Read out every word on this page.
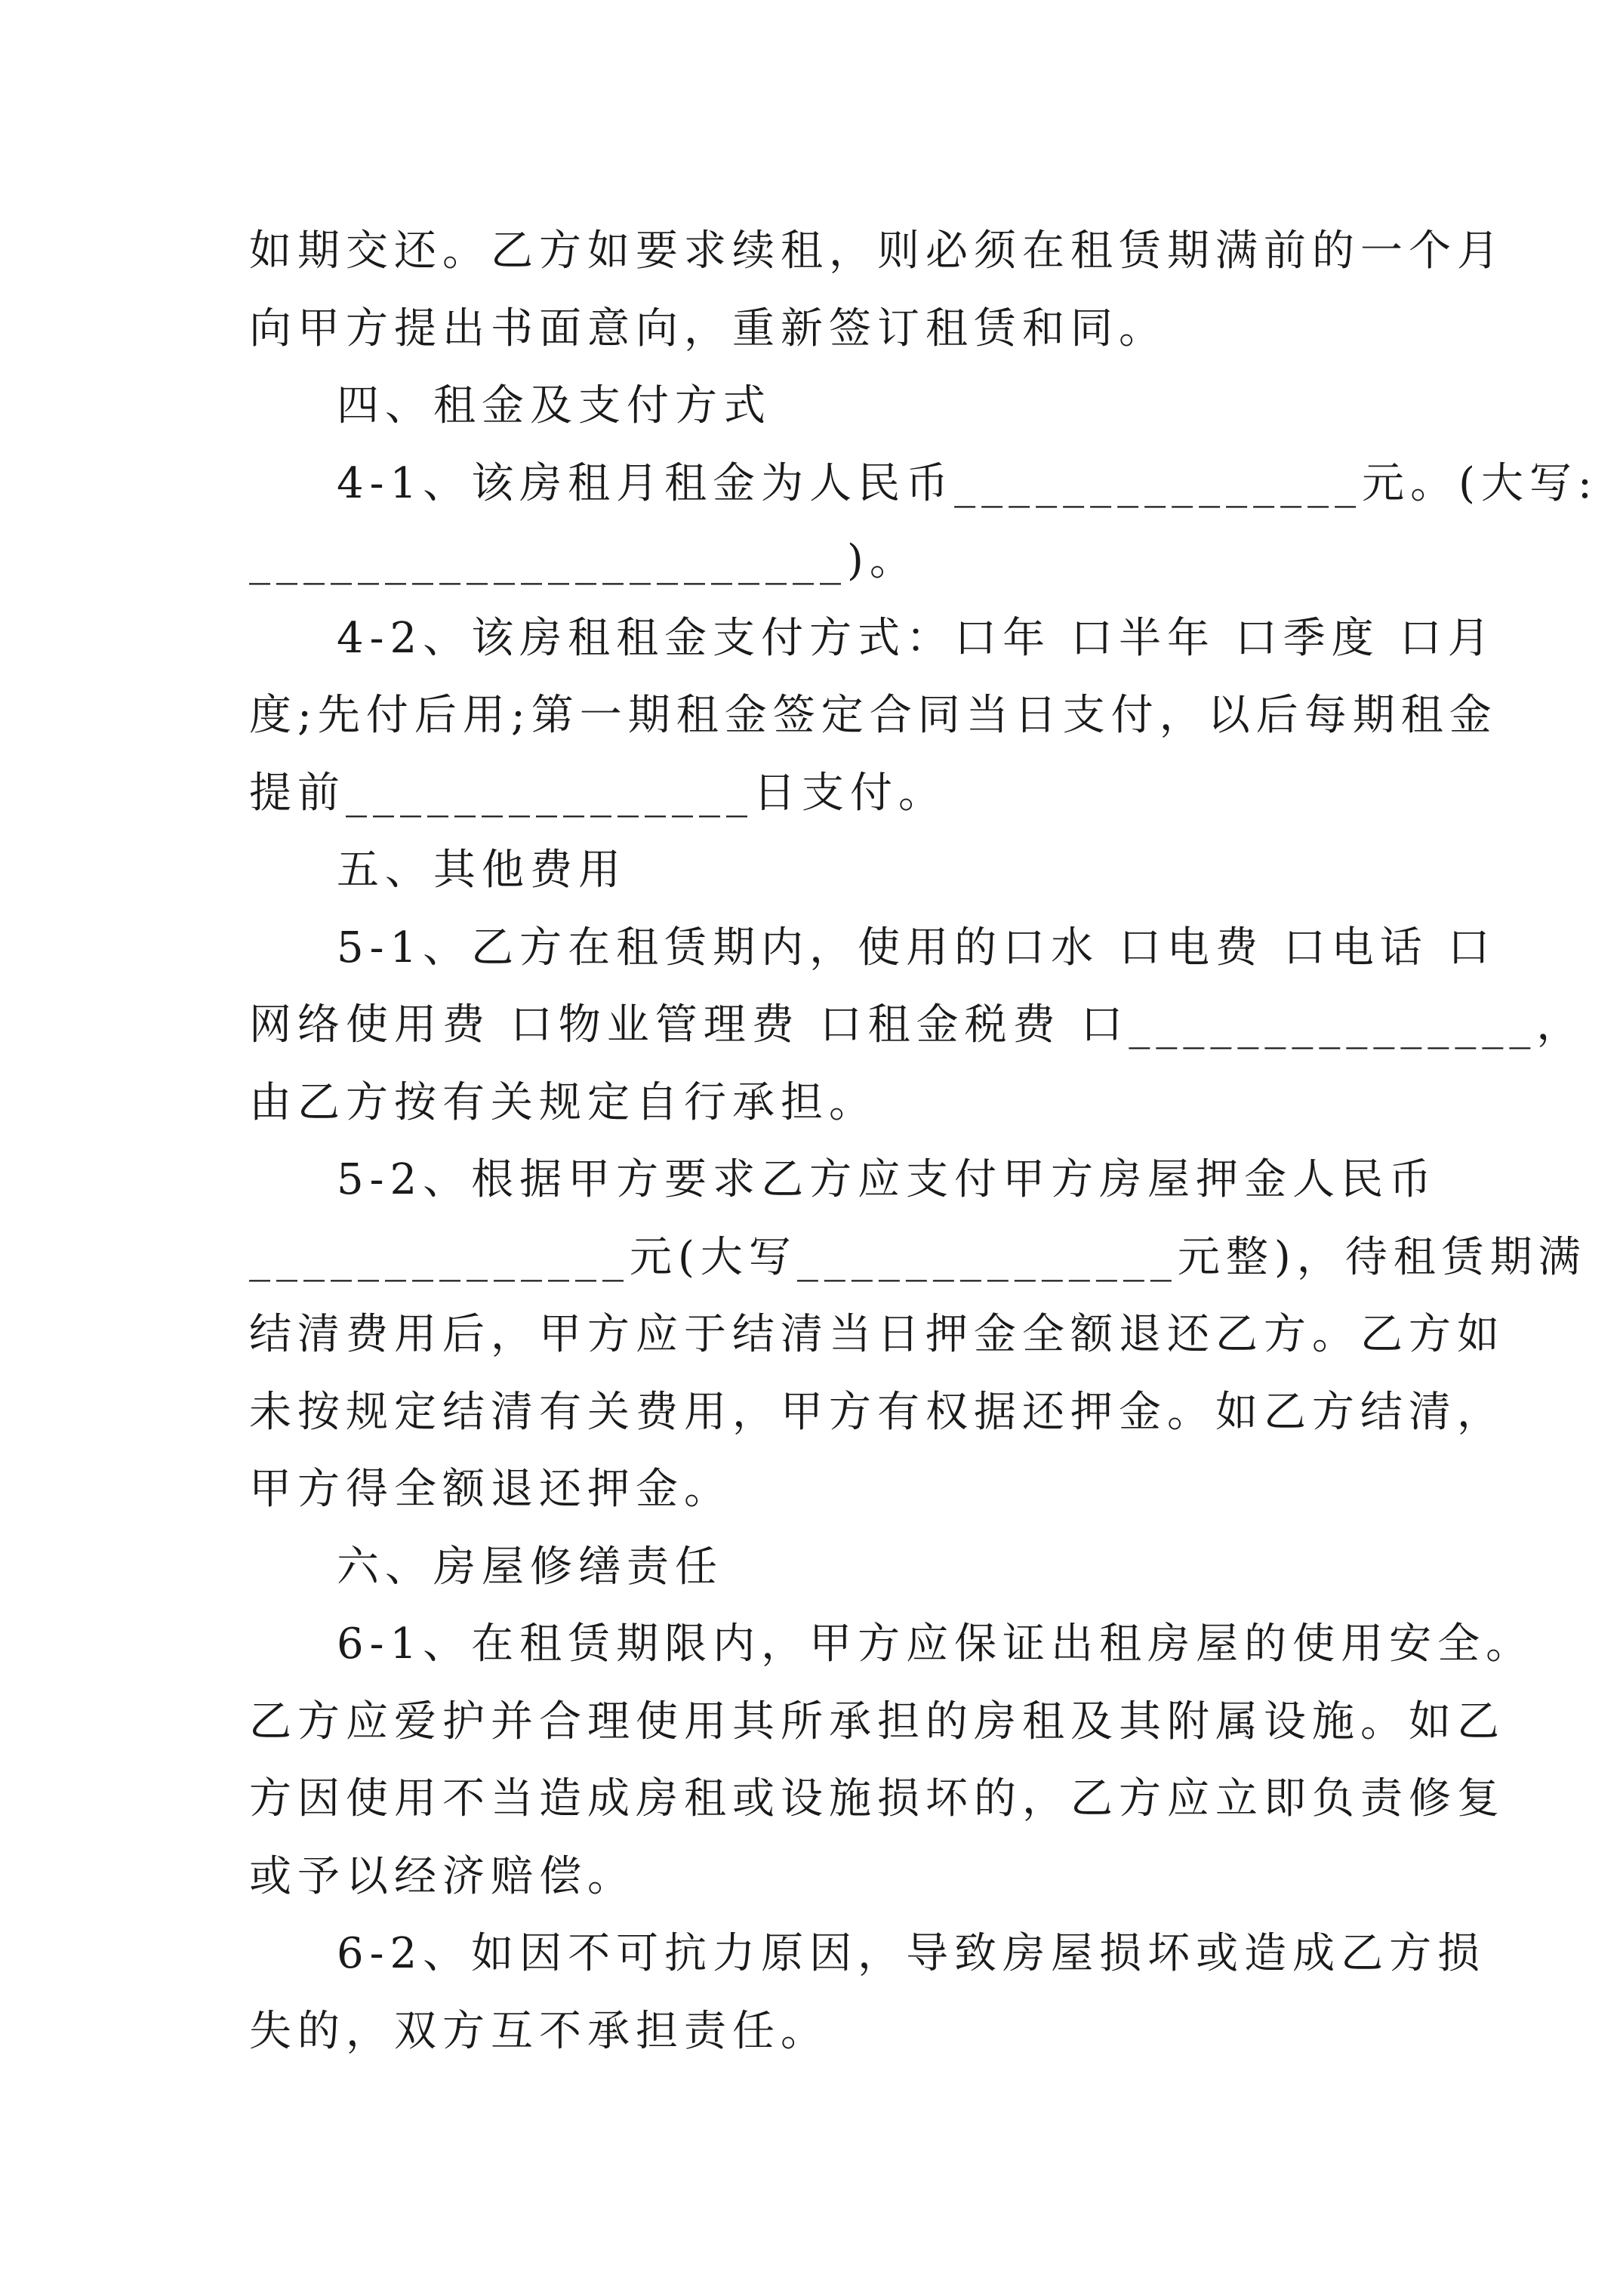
如期交还。乙方如要求续租，则必须在租赁期满前的一个月
向甲方提出书面意向，重新签订租赁和同。
四、租金及支付方式
4-1、该房租月租金为人民币_______________元。(大写:
______________________)。
4-2、该房租租金支付方式：口年 口半年 口季度 口月
度;先付后用;第一期租金签定合同当日支付，以后每期租金
提前_______________日支付。
五、其他费用
5-1、乙方在租赁期内，使用的口水 口电费 口电话 口
网络使用费 口物业管理费 口租金税费 口_______________，
由乙方按有关规定自行承担。
5-2、根据甲方要求乙方应支付甲方房屋押金人民币
______________元(大写______________元整)，待租赁期满
结清费用后，甲方应于结清当日押金全额退还乙方。乙方如
未按规定结清有关费用，甲方有权据还押金。如乙方结清，
甲方得全额退还押金。
六、房屋修缮责任
6-1、在租赁期限内，甲方应保证出租房屋的使用安全。
乙方应爱护并合理使用其所承担的房租及其附属设施。如乙
方因使用不当造成房租或设施损坏的，乙方应立即负责修复
或予以经济赔偿。
6-2、如因不可抗力原因，导致房屋损坏或造成乙方损
失的，双方互不承担责任。
